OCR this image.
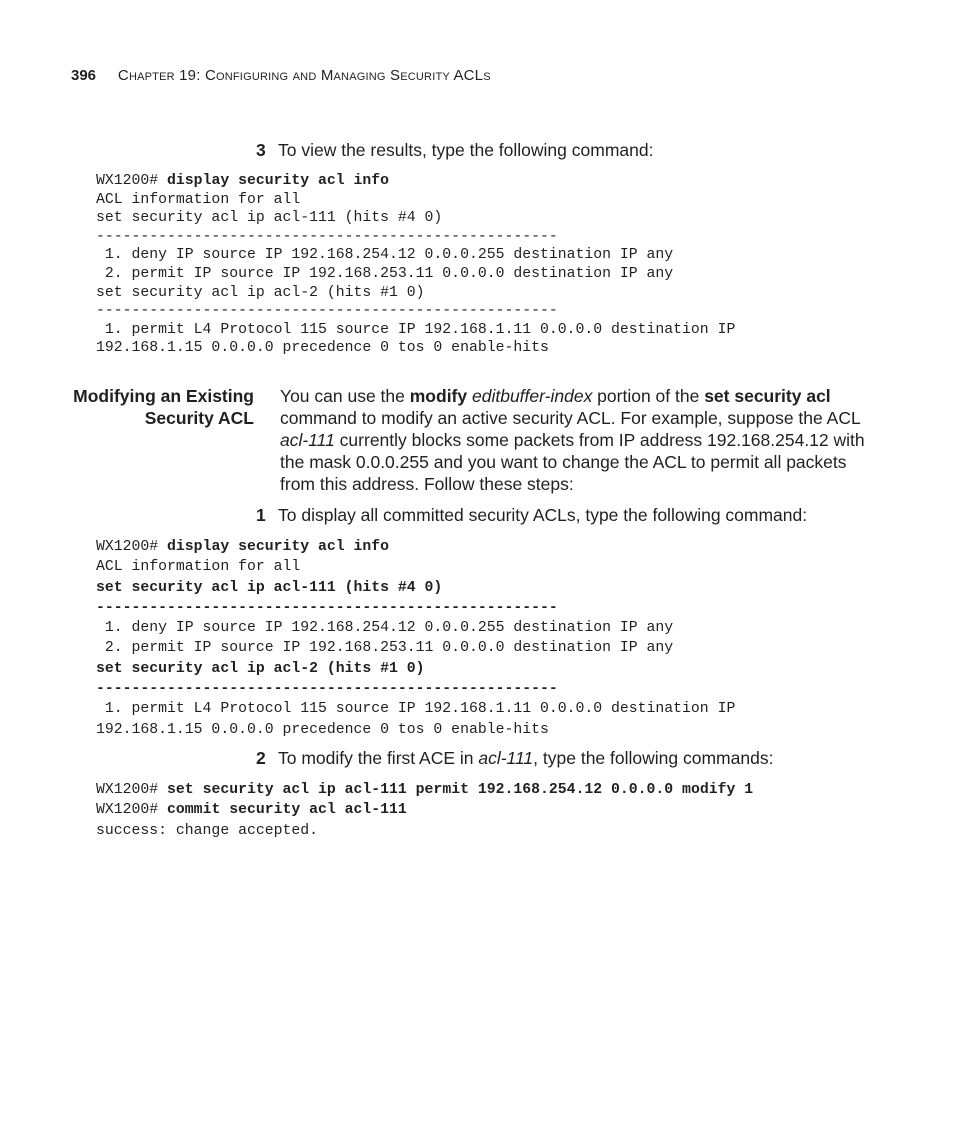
396 Chapter 19: Configuring and Managing Security ACLs
3 To view the results, type the following command:
WX1200# display security acl info
ACL information for all
set security acl ip acl-111 (hits #4 0)
----------------------------------------------------
1. deny IP source IP 192.168.254.12 0.0.0.255 destination IP any
2. permit IP source IP 192.168.253.11 0.0.0.0 destination IP any
set security acl ip acl-2 (hits #1 0)
----------------------------------------------------
1. permit L4 Protocol 115 source IP 192.168.1.11 0.0.0.0 destination IP
192.168.1.15 0.0.0.0 precedence 0 tos 0 enable-hits
Modifying an Existing
Security ACL
You can use the modify editbuffer-index portion of the set security acl command to modify an active security ACL. For example, suppose the ACL acl-111 currently blocks some packets from IP address 192.168.254.12 with the mask 0.0.0.255 and you want to change the ACL to permit all packets from this address. Follow these steps:
1 To display all committed security ACLs, type the following command:
WX1200# display security acl info
ACL information for all
set security acl ip acl-111 (hits #4 0)
----------------------------------------------------
1. deny IP source IP 192.168.254.12 0.0.0.255 destination IP any
2. permit IP source IP 192.168.253.11 0.0.0.0 destination IP any
set security acl ip acl-2 (hits #1 0)
----------------------------------------------------
1. permit L4 Protocol 115 source IP 192.168.1.11 0.0.0.0 destination IP
192.168.1.15 0.0.0.0 precedence 0 tos 0 enable-hits
2 To modify the first ACE in acl-111, type the following commands:
WX1200# set security acl ip acl-111 permit 192.168.254.12 0.0.0.0 modify 1
WX1200# commit security acl acl-111
success: change accepted.
